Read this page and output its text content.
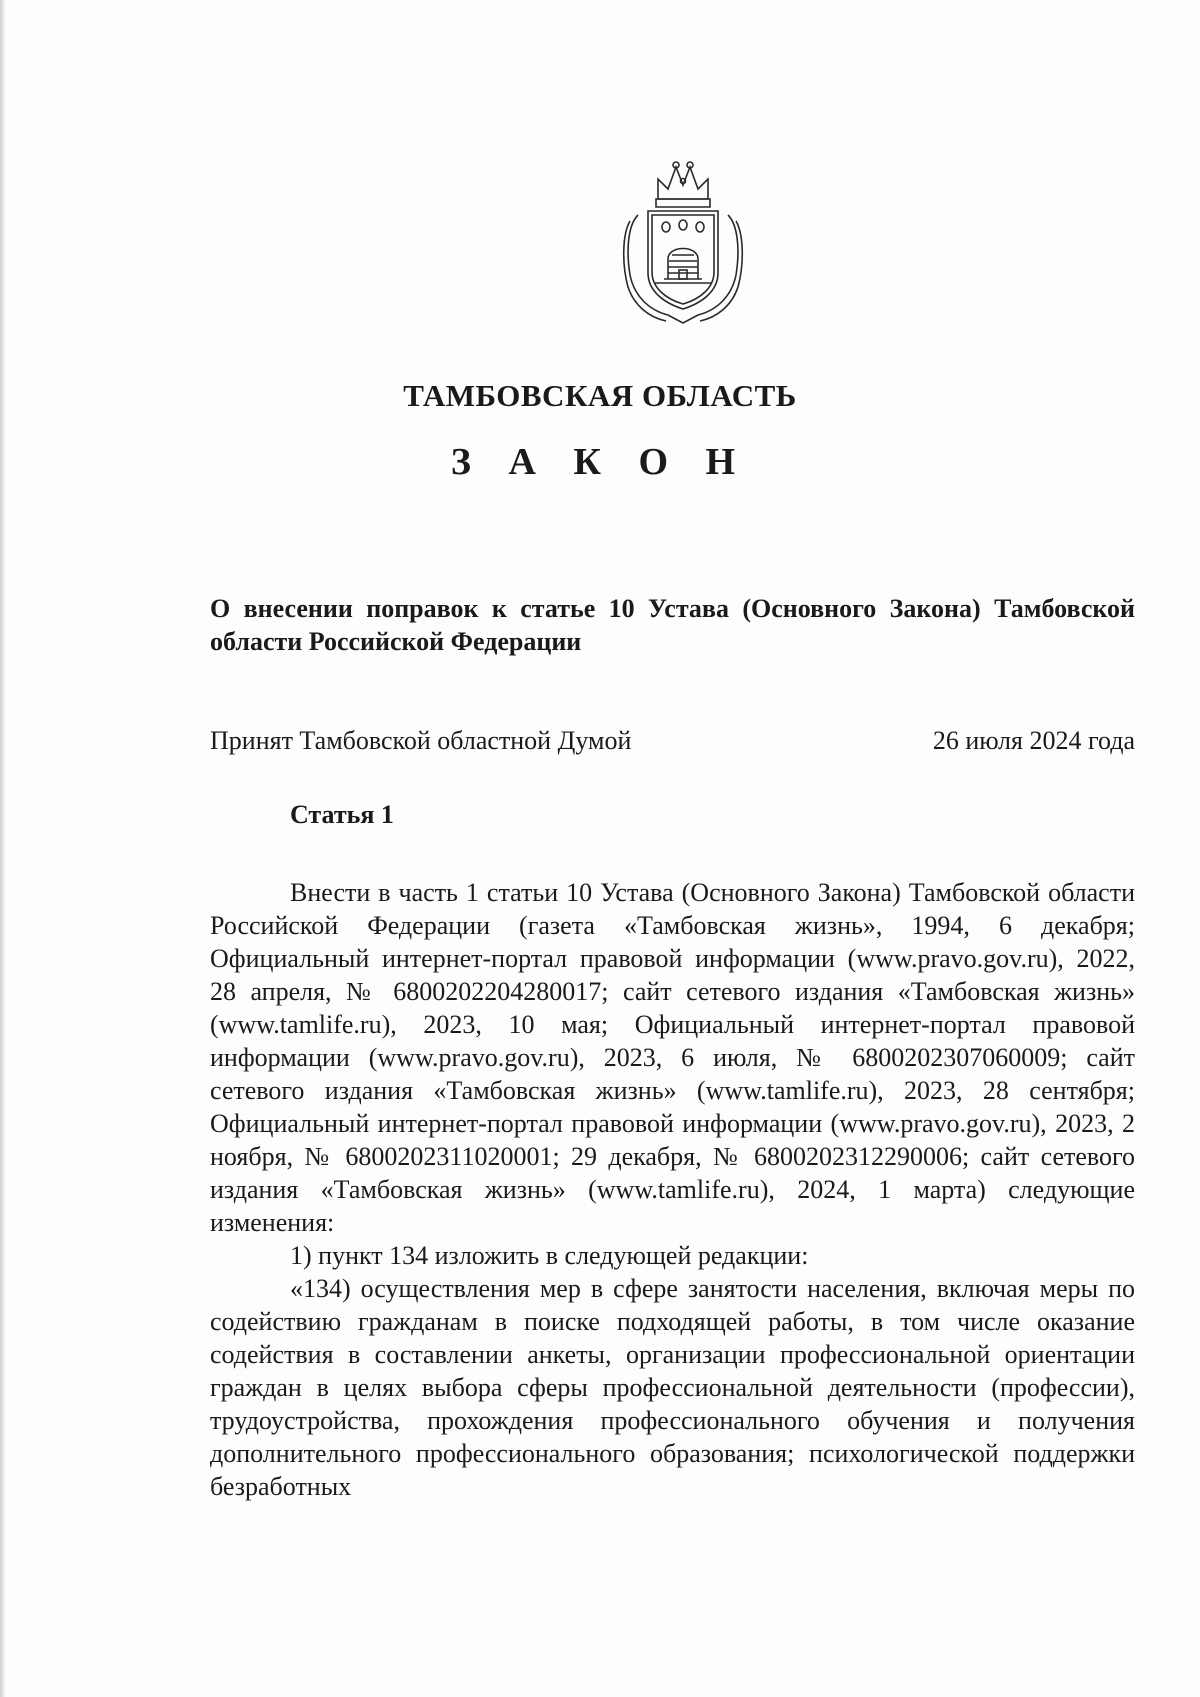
ТАМБОВСКАЯ ОБЛАСТЬ
З А К О Н
О внесении поправок к статье 10 Устава (Основного Закона) Тамбовской области Российской Федерации
Принят Тамбовской областной Думой	26 июля 2024 года
Статья 1

Внести в часть 1 статьи 10 Устава (Основного Закона) Тамбовской области Российской Федерации (газета «Тамбовская жизнь», 1994, 6 декабря; Официальный интернет-портал правовой информации (www.pravo.gov.ru), 2022, 28 апреля, № 6800202204280017; сайт сетевого издания «Тамбовская жизнь» (www.tamlife.ru), 2023, 10 мая; Официальный интернет-портал правовой информации (www.pravo.gov.ru), 2023, 6 июля, № 6800202307060009; сайт сетевого издания «Тамбовская жизнь» (www.tamlife.ru), 2023, 28 сентября; Официальный интернет-портал правовой информации (www.pravo.gov.ru), 2023, 2 ноября, № 6800202311020001; 29 декабря, № 6800202312290006; сайт сетевого издания «Тамбовская жизнь» (www.tamlife.ru), 2024, 1 марта) следующие изменения:

1) пункт 134 изложить в следующей редакции:

«134) осуществления мер в сфере занятости населения, включая меры по содействию гражданам в поиске подходящей работы, в том числе оказание содействия в составлении анкеты, организации профессиональной ориентации граждан в целях выбора сферы профессиональной деятельности (профессии), трудоустройства, прохождения профессионального обучения и получения дополнительного профессионального образования; психологической поддержки безработных
